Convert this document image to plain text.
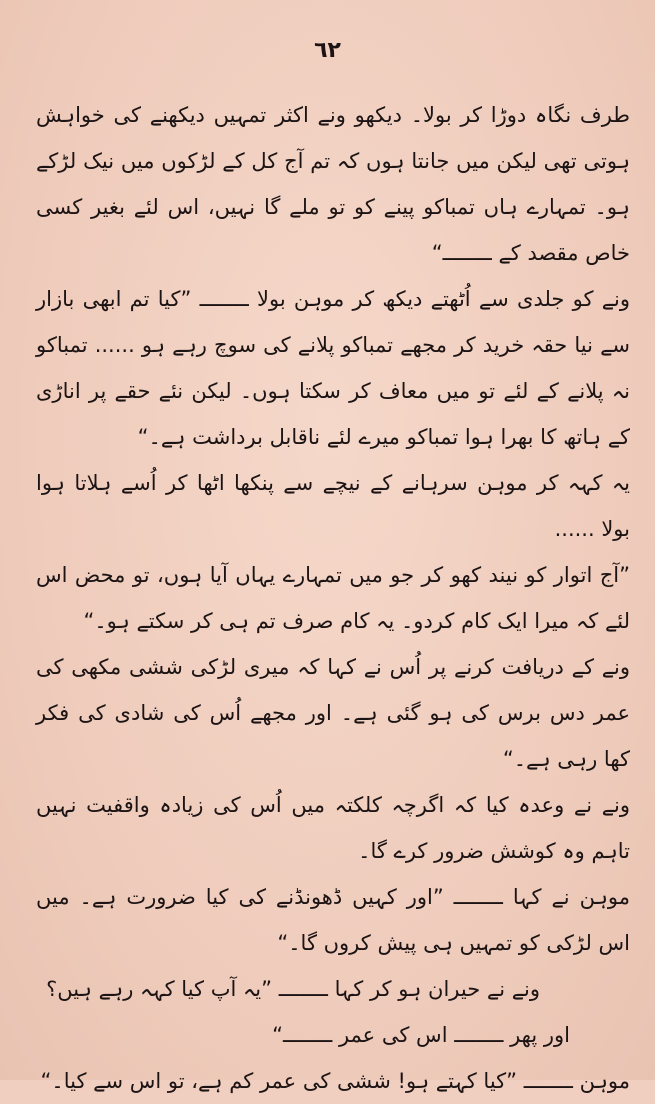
٦٢

طرف نگاہ دوڑا کر بولا۔ دیکھو ونے اکثر تمہیں دیکھنے کی خواہش ہوتی تھی لیکن میں جانتا ہوں کہ تم آج کل کے لڑکوں میں نیک لڑکے ہو۔ تمہارے ہاں تمباکو پینے کو تو ملے گا نہیں، اس لئے بغیر کسی خاص مقصد کے ــــــــ“

ونے کو جلدی سے اُٹھتے دیکھ کر موہن بولا ــــــــ ”کیا تم ابھی بازار سے نیا حقہ خرید کر مجھے تمباکو پلانے کی سوچ رہے ہو ...... تمباکو نہ پلانے کے لئے تو میں معاف کر سکتا ہوں۔ لیکن نئے حقے پر اناڑی کے ہاتھ کا بھرا ہوا تمباکو میرے لئے ناقابل برداشت ہے۔“

یہ کہہ کر موہن سرہانے کے نیچے سے پنکھا اٹھا کر اُسے ہلاتا ہوا بولا ......

”آج اتوار کو نیند کھو کر جو میں تمہارے یہاں آیا ہوں، تو محض اس لئے کہ میرا ایک کام کردو۔ یہ کام صرف تم ہی کر سکتے ہو۔“

ونے کے دریافت کرنے پر اُس نے کہا کہ میری لڑکی ششی مکھی کی عمر دس برس کی ہو گئی ہے۔ اور مجھے اُس کی شادی کی فکر کھا رہی ہے۔“

ونے نے وعدہ کیا کہ اگرچہ کلکتہ میں اُس کی زیادہ واقفیت نہیں تاہم وہ کوشش ضرور کرے گا۔

موہن نے کہا ــــــــ ”اور کہیں ڈھونڈنے کی کیا ضرورت ہے۔ میں اس لڑکی کو تمہیں ہی پیش کروں گا۔“

ونے نے حیران ہو کر کہا ــــــــ ”یہ آپ کیا کہہ رہے ہیں؟

اور پھر ــــــــ اس کی عمر ــــــــ“

موہن ــــــــ ”کیا کہتے ہو! ششی کی عمر کم ہے، تو اس سے کیا۔“
